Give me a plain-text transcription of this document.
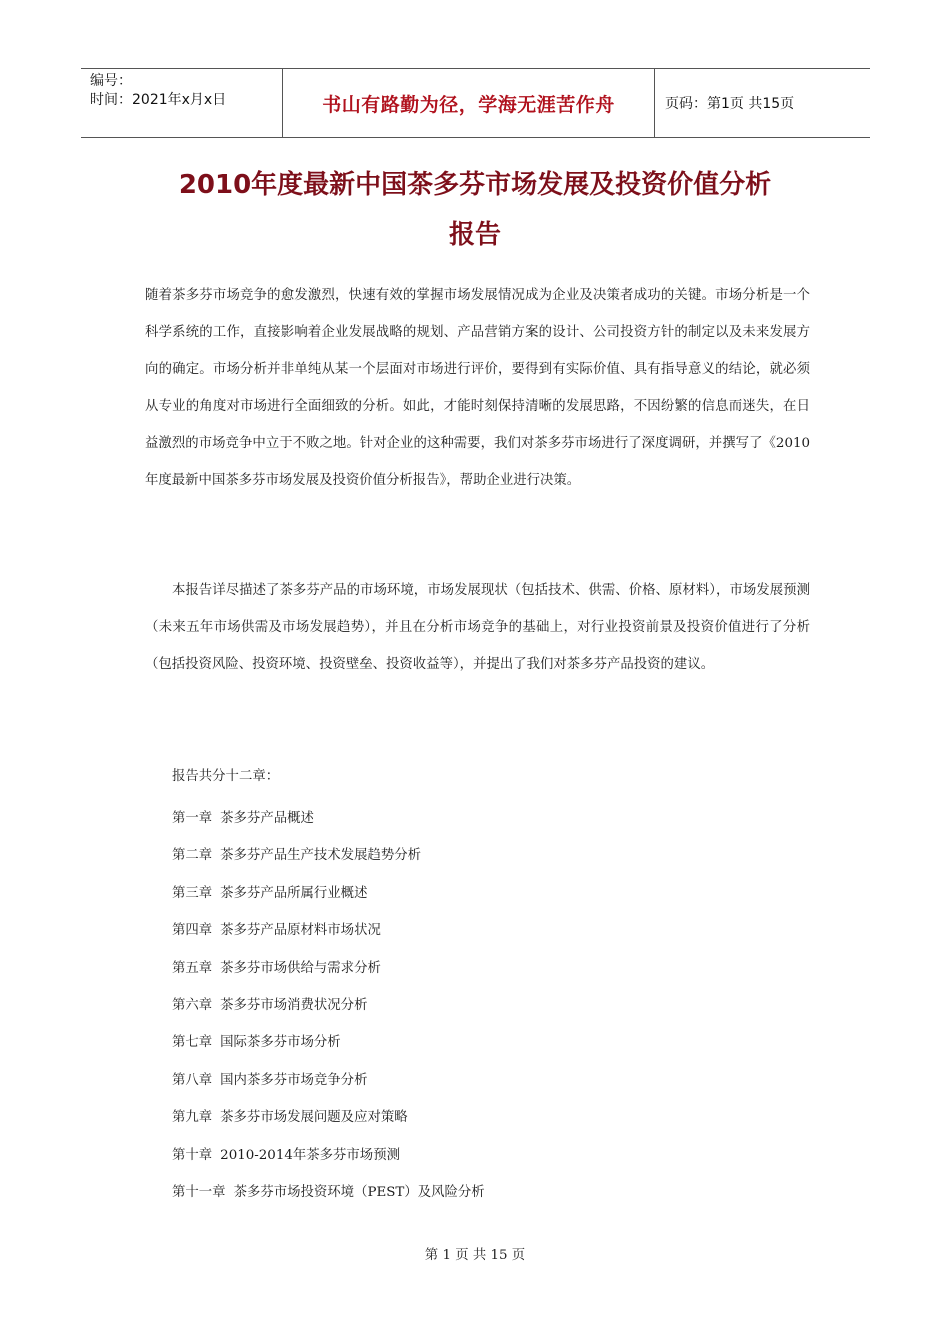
编号：
时间：2021年x月x日	书山有路勤为径，学海无涯苦作舟	页码：第1页 共15页
2010年度最新中国茶多芬市场发展及投资价值分析
报告

随着茶多芬市场竞争的愈发激烈，快速有效的掌握市场发展情况成为企业及决策者成功的关键。市场分析是一个科学系统的工作，直接影响着企业发展战略的规划、产品营销方案的设计、公司投资方针的制定以及未来发展方向的确定。市场分析并非单纯从某一个层面对市场进行评价，要得到有实际价值、具有指导意义的结论，就必须从专业的角度对市场进行全面细致的分析。如此，才能时刻保持清晰的发展思路，不因纷繁的信息而迷失，在日益激烈的市场竞争中立于不败之地。针对企业的这种需要，我们对茶多芬市场进行了深度调研，并撰写了《2010年度最新中国茶多芬市场发展及投资价值分析报告》，帮助企业进行决策。

本报告详尽描述了茶多芬产品的市场环境，市场发展现状（包括技术、供需、价格、原材料），市场发展预测（未来五年市场供需及市场发展趋势），并且在分析市场竞争的基础上，对行业投资前景及投资价值进行了分析（包括投资风险、投资环境、投资壁垒、投资收益等），并提出了我们对茶多芬产品投资的建议。

报告共分十二章：
第一章 茶多芬产品概述
第二章 茶多芬产品生产技术发展趋势分析
第三章 茶多芬产品所属行业概述
第四章 茶多芬产品原材料市场状况
第五章 茶多芬市场供给与需求分析
第六章 茶多芬市场消费状况分析
第七章 国际茶多芬市场分析
第八章 国内茶多芬市场竞争分析
第九章 茶多芬市场发展问题及应对策略
第十章 2010-2014年茶多芬市场预测
第十一章 茶多芬市场投资环境（PEST）及风险分析
第 1 页 共 15 页
